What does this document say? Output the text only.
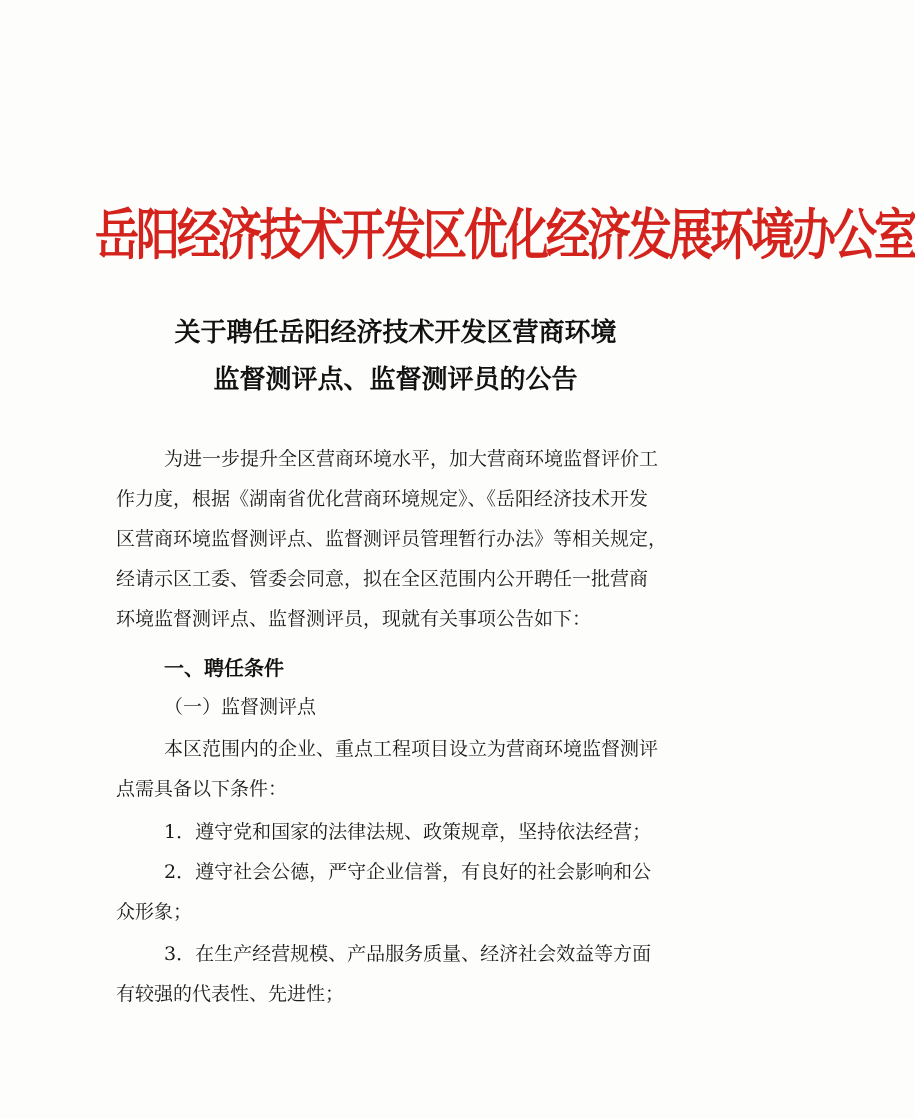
岳阳经济技术开发区优化经济发展环境办公室
关于聘任岳阳经济技术开发区营商环境
监督测评点、监督测评员的公告
为进一步提升全区营商环境水平，加大营商环境监督评价工
作力度，根据《湖南省优化营商环境规定》、《岳阳经济技术开发
区营商环境监督测评点、监督测评员管理暂行办法》等相关规定，
经请示区工委、管委会同意，拟在全区范围内公开聘任一批营商
环境监督测评点、监督测评员，现就有关事项公告如下：
一、聘任条件
（一）监督测评点
本区范围内的企业、重点工程项目设立为营商环境监督测评
点需具备以下条件：
1．遵守党和国家的法律法规、政策规章，坚持依法经营；
2．遵守社会公德，严守企业信誉，有良好的社会影响和公
众形象；
3．在生产经营规模、产品服务质量、经济社会效益等方面
有较强的代表性、先进性；
